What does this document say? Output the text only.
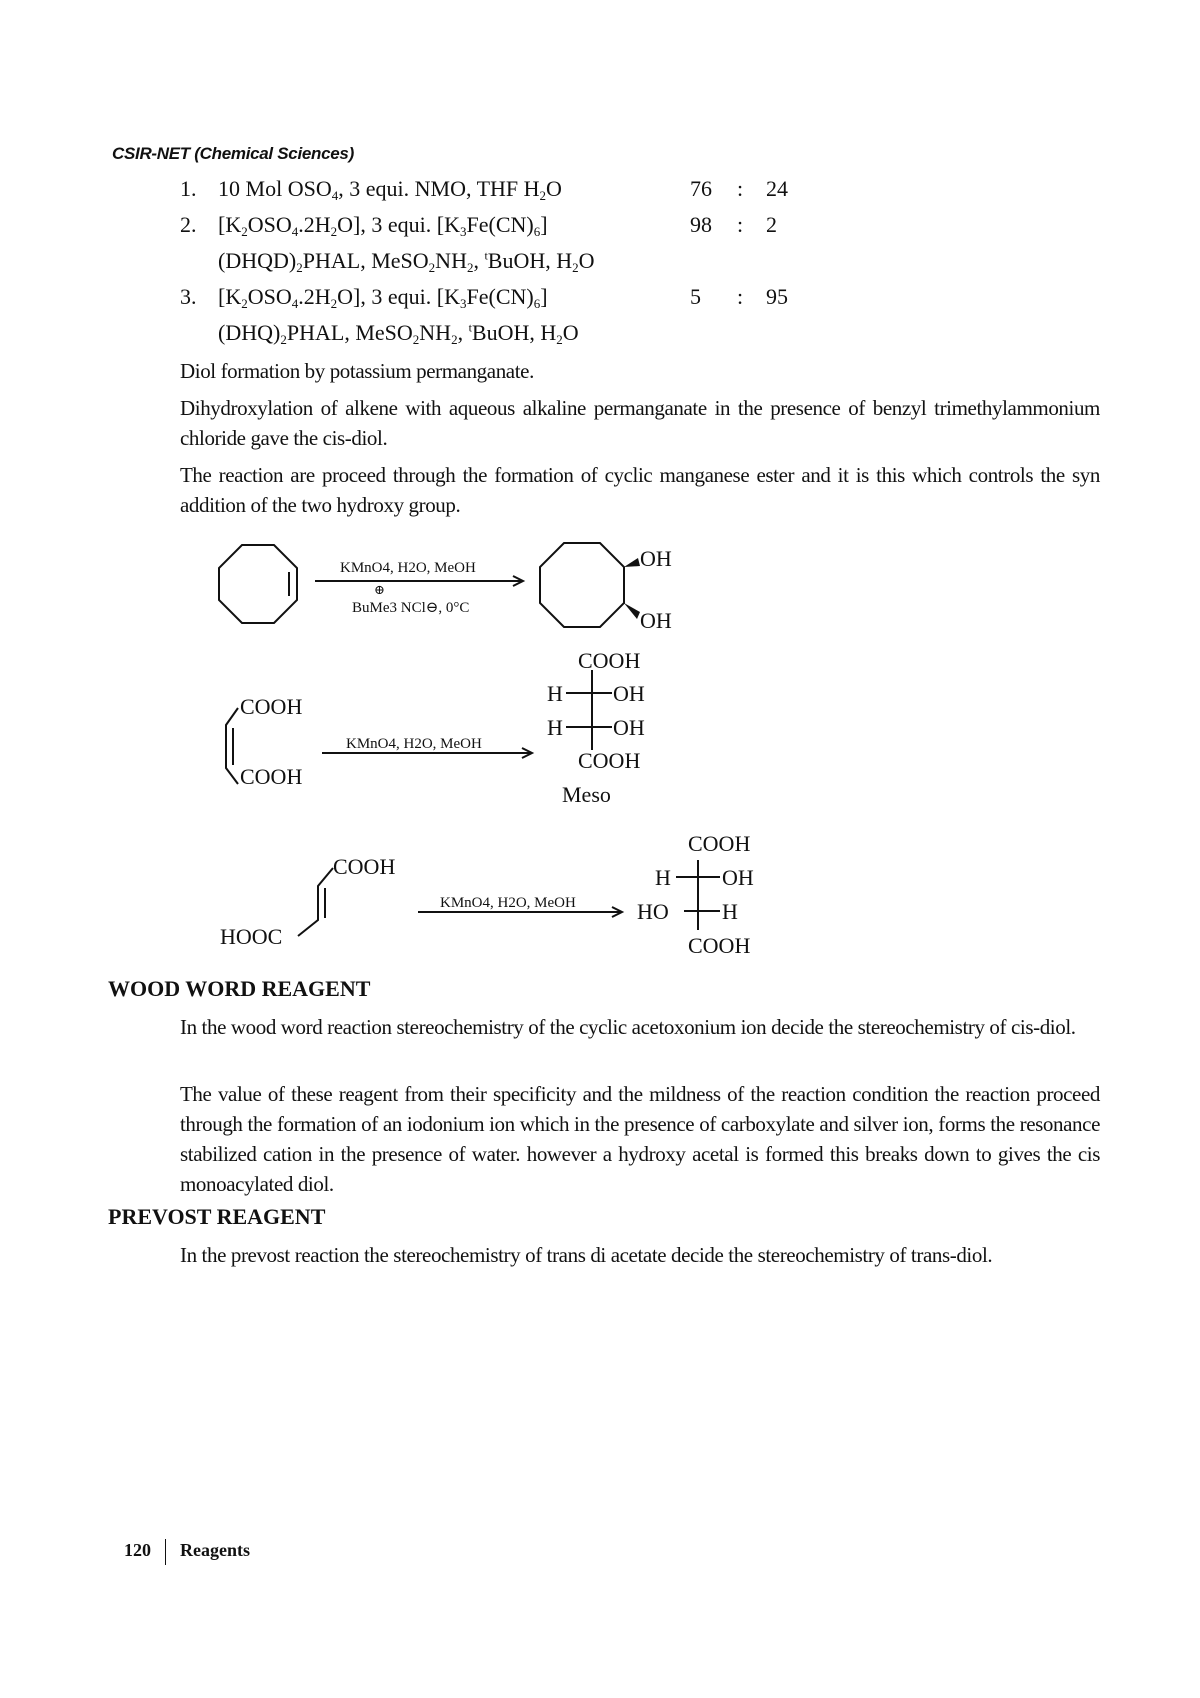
CSIR-NET (Chemical Sciences)
1. 10 Mol $OSO_4$, 3 equi. NMO, THF $H_2O$	76 : 24
2. $[K_2OSO_4.2H_2O]$, 3 equi. $[K_3Fe(CN)_6]$	98 : 2
$(DHQD)_2PHAL$, $MeSO_2NH_2$, $^t$BuOH, $H_2O$
3. $[K_2OSO_4.2H_2O]$, 3 equi. $[K_3Fe(CN)_6]$	5 : 95
$(DHQ)_2PHAL$, $MeSO_2NH_2$, $^t$BuOH, $H_2O$
Diol formation by potassium permanganate.
Dihydroxylation of alkene with aqueous alkaline permanganate in the presence of benzyl trimethylammonium chloride gave the cis-diol.
The reaction are proceed through the formation of cyclic manganese ester and it is this which controls the syn addition of the two hydroxy group.
KMnO4, H2O, MeOH
⊕
BuMe3 NCl⊖, 0°C
OH
OH
COOH
COOH
KMnO4, H2O, MeOH
COOH
H OH
H OH
COOH
Meso
COOH
HOOC
KMnO4, H2O, MeOH
COOH
H OH
HO H
COOH
WOOD WORD REAGENT
In the wood word reaction stereochemistry of the cyclic acetoxonium ion decide the stereochemistry of cis-diol.
The value of these reagent from their specificity and the mildness of the reaction condition the reaction proceed through the formation of an iodonium ion which in the presence of carboxylate and silver ion, forms the resonance stabilized cation in the presence of water. however a hydroxy acetal is formed this breaks down to gives the cis monoacylated diol.
PREVOST REAGENT
In the prevost reaction the stereochemistry of trans di acetate decide the stereochemistry of trans-diol.
120 Reagents
